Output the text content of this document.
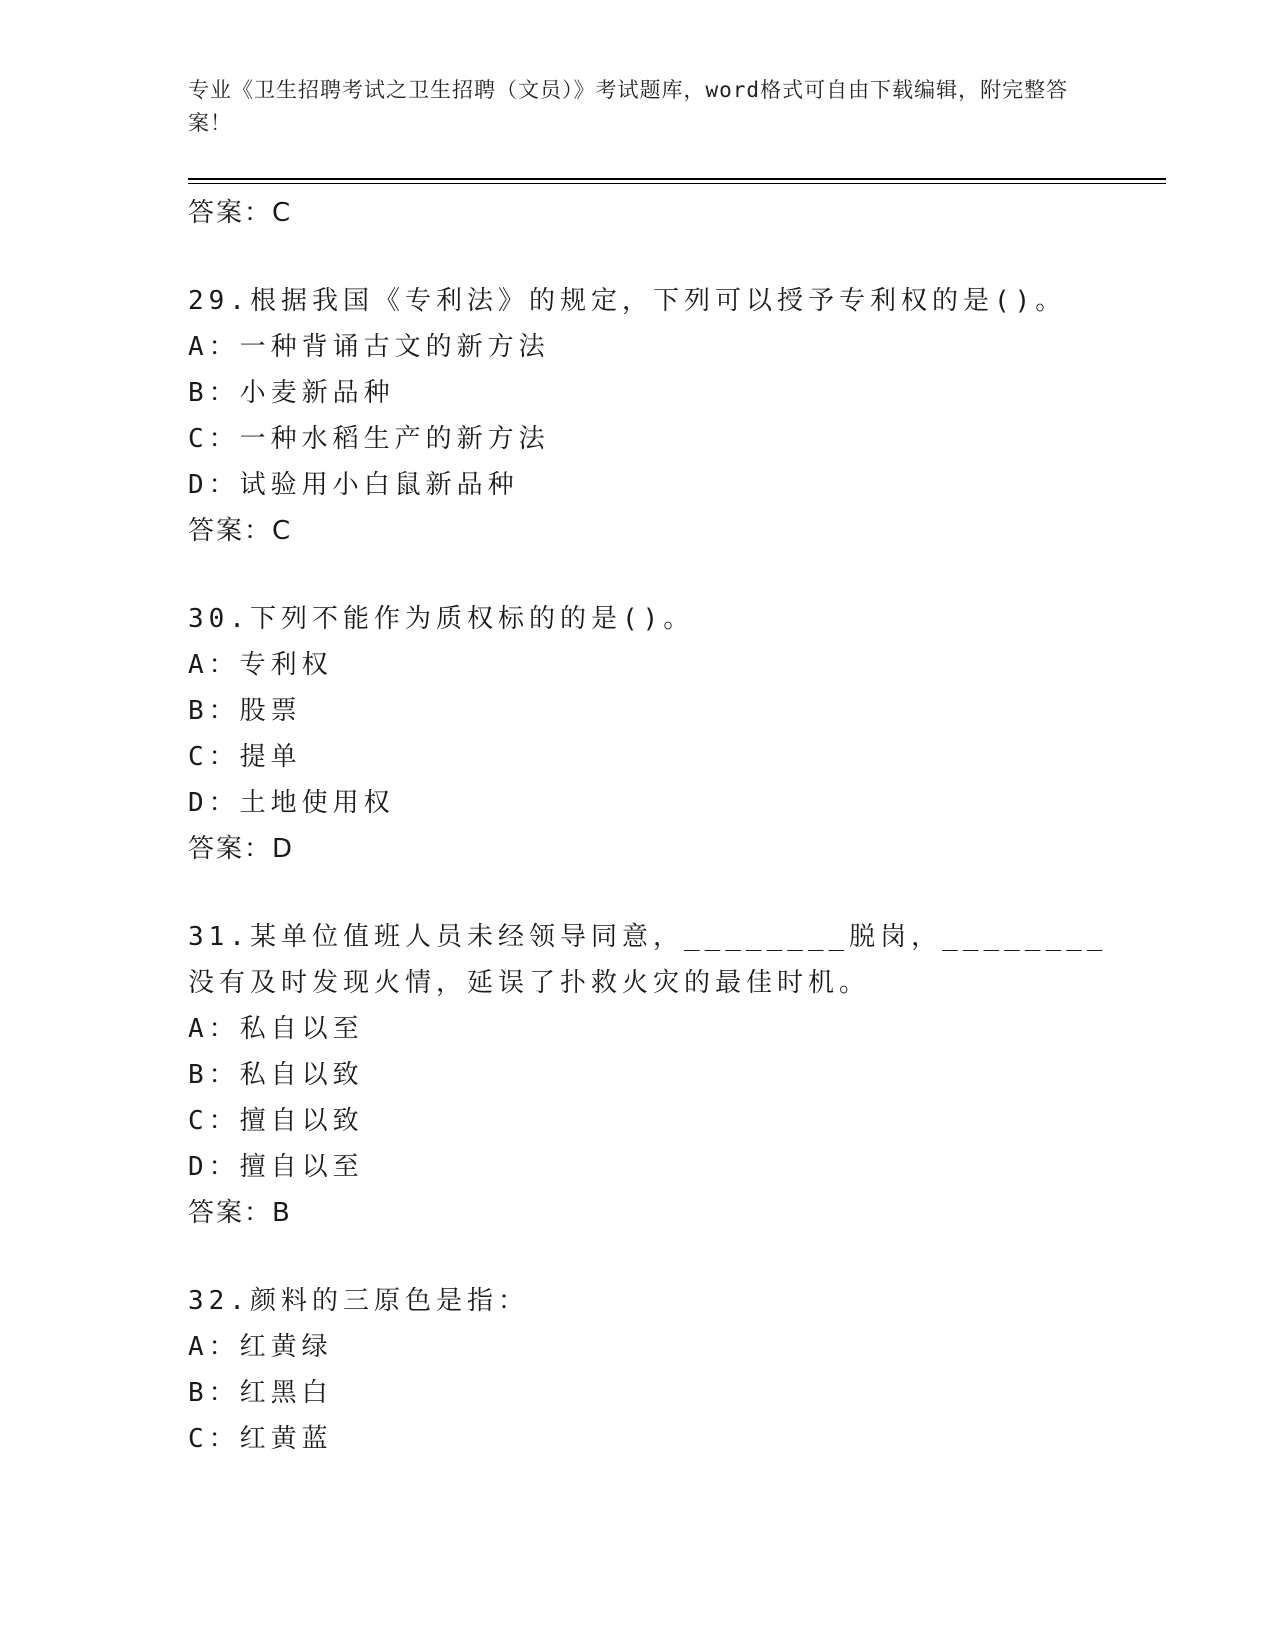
专业《卫生招聘考试之卫生招聘（文员）》考试题库，word格式可自由下载编辑，附完整答案！
答案：C
29.根据我国《专利法》的规定，下列可以授予专利权的是()。
A：一种背诵古文的新方法
B：小麦新品种
C：一种水稻生产的新方法
D：试验用小白鼠新品种
答案：C
30.下列不能作为质权标的的是()。
A：专利权
B：股票
C：提单
D：土地使用权
答案：D
31.某单位值班人员未经领导同意，________脱岗，________没有及时发现火情，延误了扑救火灾的最佳时机。
A：私自以至
B：私自以致
C：擅自以致
D：擅自以至
答案：B
32.颜料的三原色是指：
A：红黄绿
B：红黑白
C：红黄蓝
